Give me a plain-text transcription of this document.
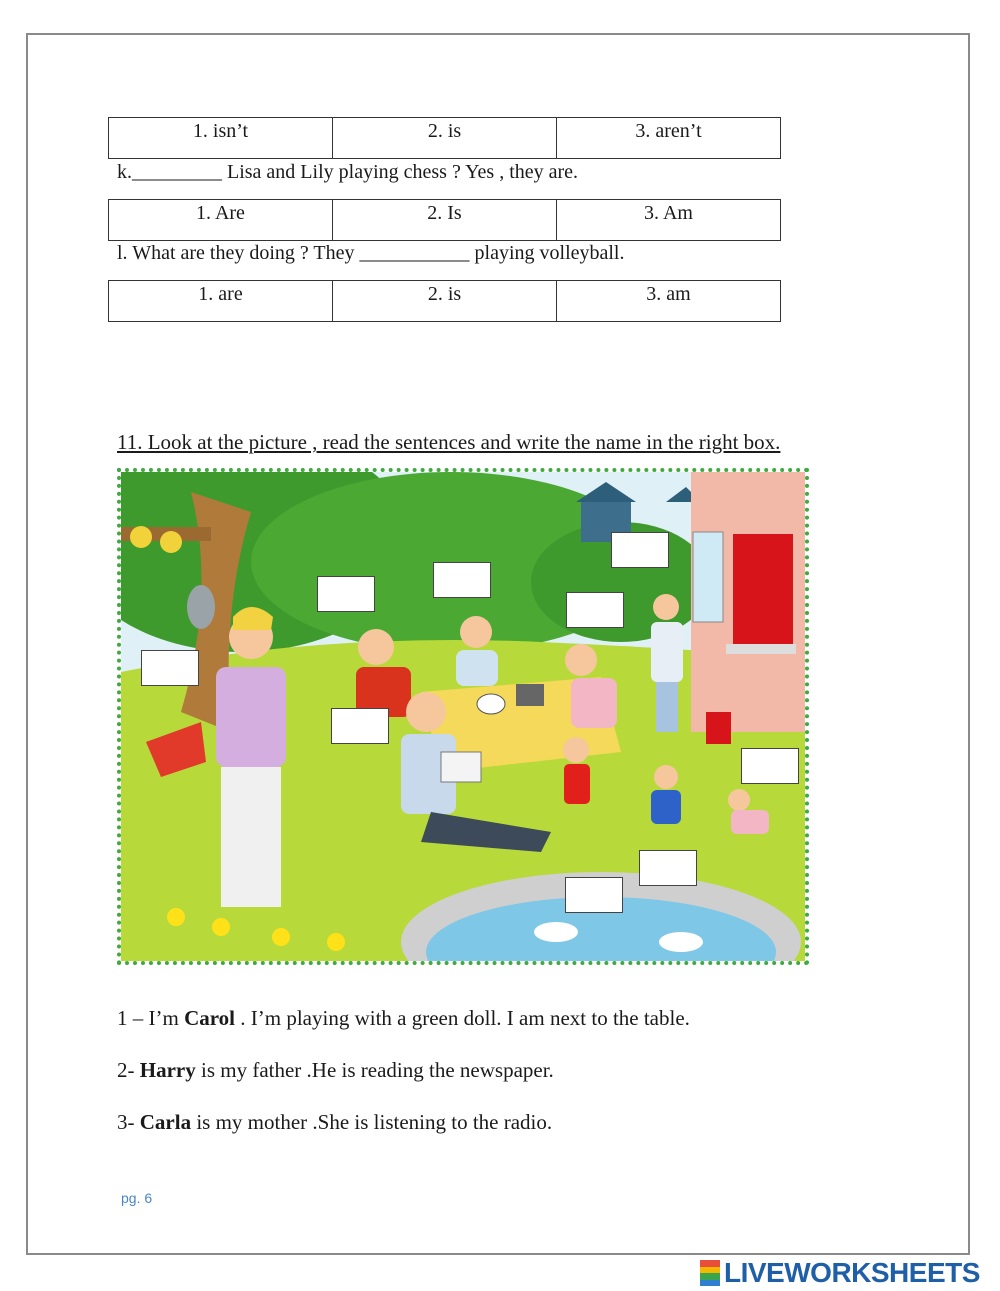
1. isn’t	2. is	3. aren’t
k._________ Lisa and Lily playing chess ? Yes , they are.
1. Are	2. Is	3. Am
l. What are they doing ? They ___________ playing volleyball.
1. are	2. is	3. am
11. Look at the picture , read the sentences and write the name in the right box.
1 – I’m Carol . I’m playing with a green doll. I am next to the table.
2- Harry is my father .He is reading the newspaper.
3- Carla is my mother .She is listening to the radio.
pg. 6
LIVEWORKSHEETS
